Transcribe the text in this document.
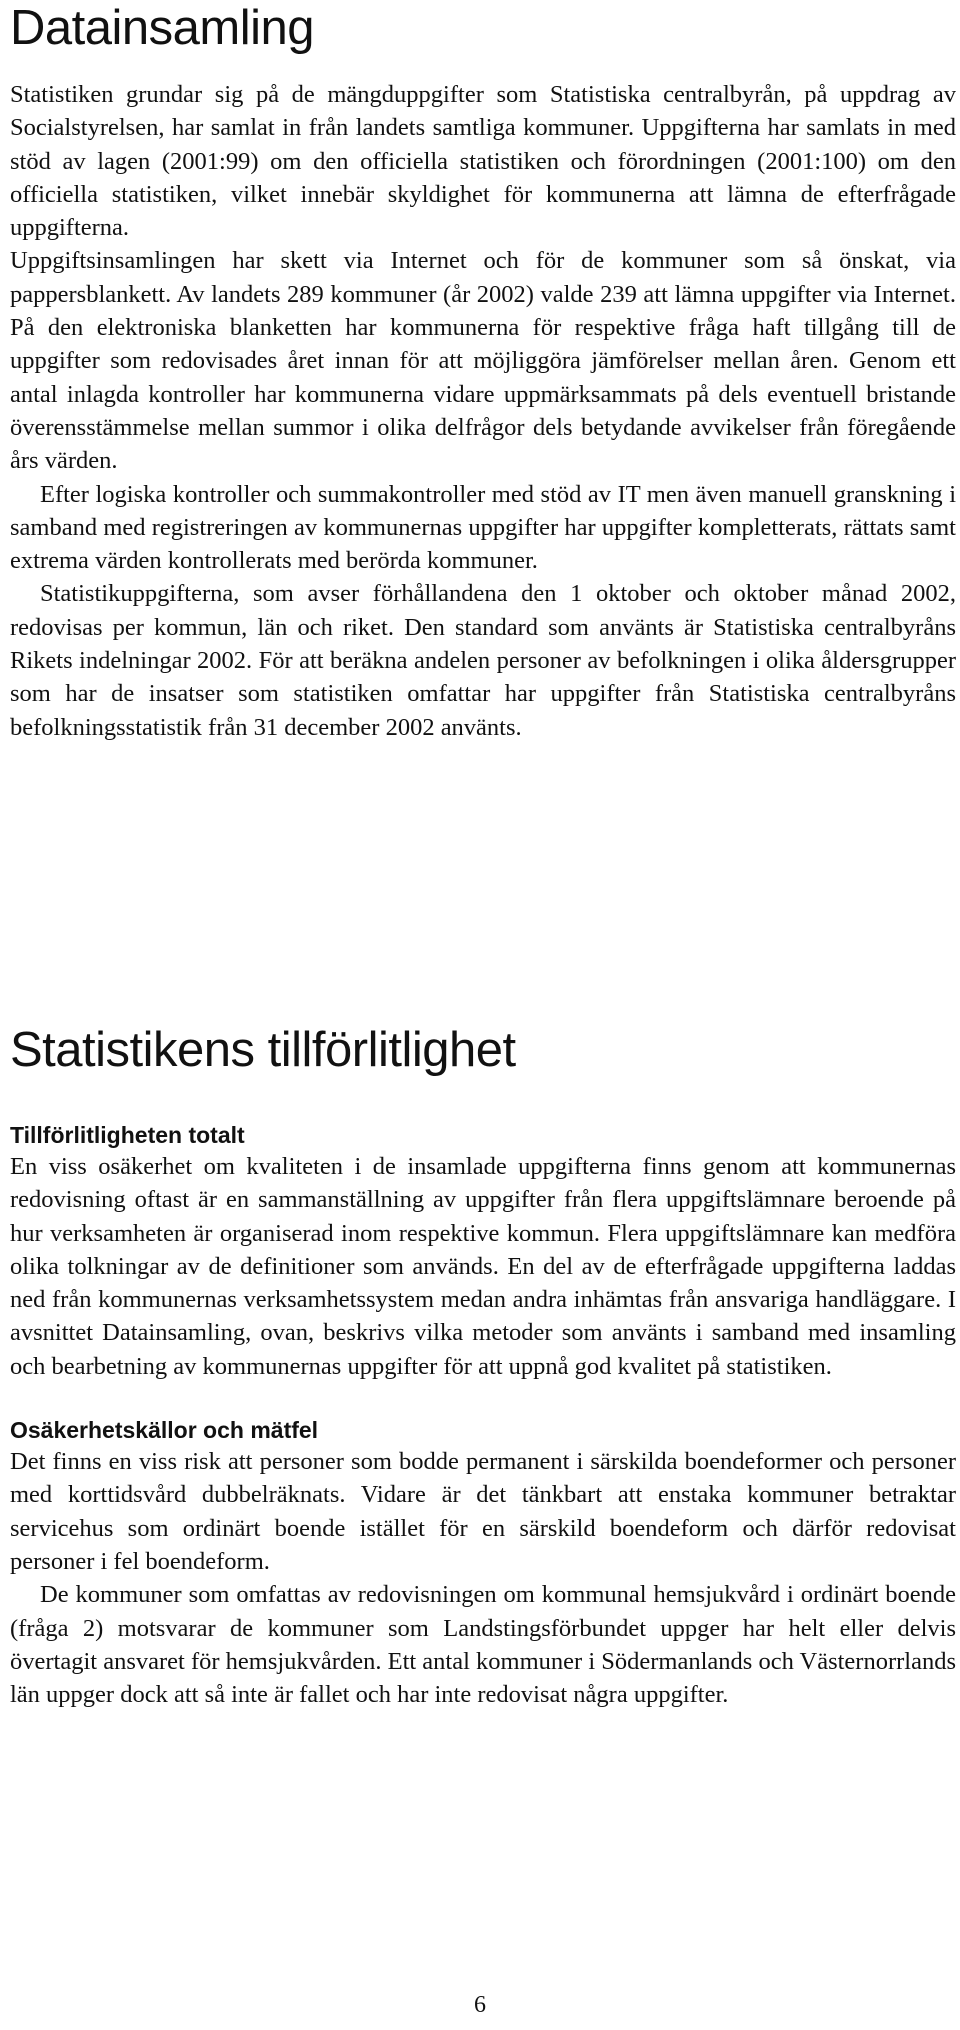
Datainsamling

Statistiken grundar sig på de mängduppgifter som Statistiska centralbyrån, på uppdrag av Socialstyrelsen, har samlat in från landets samtliga kommuner. Uppgifterna har samlats in med stöd av lagen (2001:99) om den officiella statistiken och förordningen (2001:100) om den officiella statistiken, vilket innebär skyldighet för kommunerna att lämna de efterfrågade uppgifterna.

Uppgiftsinsamlingen har skett via Internet och för de kommuner som så önskat, via pappersblankett. Av landets 289 kommuner (år 2002) valde 239 att lämna uppgifter via Internet. På den elektroniska blanketten har kommunerna för respektive fråga haft tillgång till de uppgifter som redovisades året innan för att möjliggöra jämförelser mellan åren. Genom ett antal inlagda kontroller har kommunerna vidare uppmärksammats på dels eventuell bristande överensstämmelse mellan summor i olika delfrågor dels betydande avvikelser från föregående års värden.

Efter logiska kontroller och summakontroller med stöd av IT men även manuell granskning i samband med registreringen av kommunernas uppgifter har uppgifter kompletterats, rättats samt extrema värden kontrollerats med berörda kommuner.

Statistikuppgifterna, som avser förhållandena den 1 oktober och oktober månad 2002, redovisas per kommun, län och riket. Den standard som använts är Statistiska centralbyråns Rikets indelningar 2002. För att beräkna andelen personer av befolkningen i olika åldersgrupper som har de insatser som statistiken omfattar har uppgifter från Statistiska centralbyråns befolkningsstatistik från 31 december 2002 använts.

Statistikens tillförlitlighet
Tillförlitligheten totalt

En viss osäkerhet om kvaliteten i de insamlade uppgifterna finns genom att kommunernas redovisning oftast är en sammanställning av uppgifter från flera uppgiftslämnare beroende på hur verksamheten är organiserad inom respektive kommun. Flera uppgiftslämnare kan medföra olika tolkningar av de definitioner som används. En del av de efterfrågade uppgifterna laddas ned från kommunernas verksamhetssystem medan andra inhämtas från ansvariga handläggare. I avsnittet Datainsamling, ovan, beskrivs vilka metoder som använts i samband med insamling och bearbetning av kommunernas uppgifter för att uppnå god kvalitet på statistiken.

Osäkerhetskällor och mätfel

Det finns en viss risk att personer som bodde permanent i särskilda boendeformer och personer med korttidsvård dubbelräknats. Vidare är det tänkbart att enstaka kommuner betraktar servicehus som ordinärt boende istället för en särskild boendeform och därför redovisat personer i fel boendeform.

De kommuner som omfattas av redovisningen om kommunal hemsjukvård i ordinärt boende (fråga 2) motsvarar de kommuner som Landstingsförbundet uppger har helt eller delvis övertagit ansvaret för hemsjukvården. Ett antal kommuner i Södermanlands och Västernorrlands län uppger dock att så inte är fallet och har inte redovisat några uppgifter.

6
